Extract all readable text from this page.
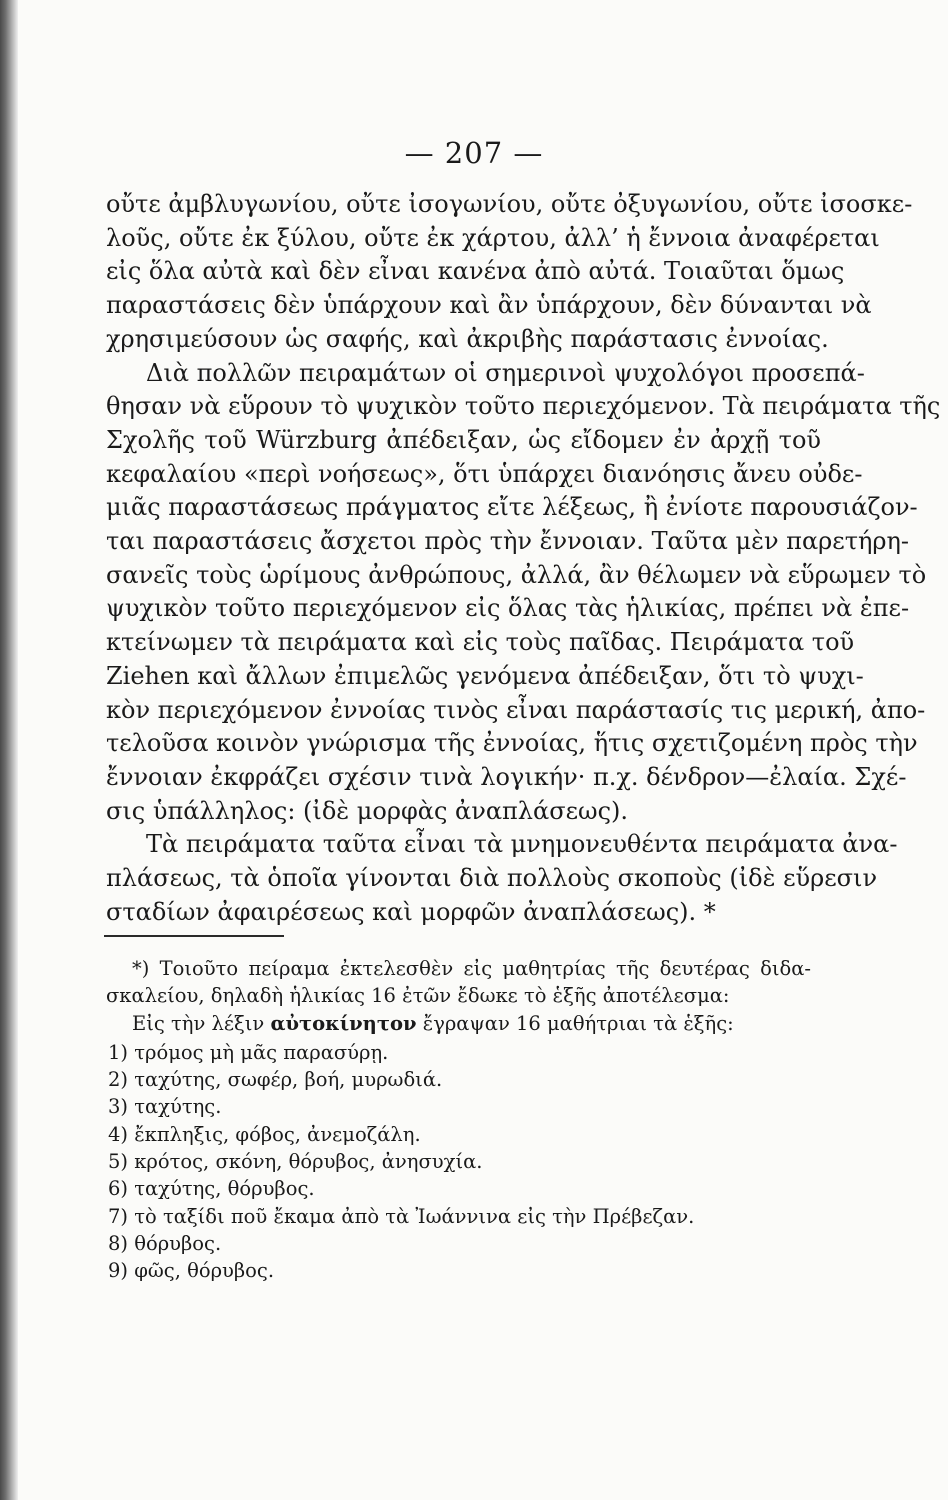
— 207 —
οὔτε ἀμβλυγωνίου, οὔτε ἰσογωνίου, οὔτε ὀξυγωνίου, οὔτε ἰσοσκε-
λοῦς, οὔτε ἐκ ξύλου, οὔτε ἐκ χάρτου, ἀλλ’ ἡ ἔννοια ἀναφέρεται
εἰς ὅλα αὐτὰ καὶ δὲν εἶναι κανένα ἀπὸ αὐτά. Τοιαῦται ὅμως
παραστάσεις δὲν ὑπάρχουν καὶ ἂν ὑπάρχουν, δὲν δύνανται νὰ
χρησιμεύσουν ὡς σαφής, καὶ ἀκριβὴς παράστασις ἐννοίας.
Διὰ πολλῶν πειραμάτων οἱ σημερινοὶ ψυχολόγοι προσεπά-
θησαν νὰ εὕρουν τὸ ψυχικὸν τοῦτο περιεχόμενον. Τὰ πειράματα τῆς
Σχολῆς τοῦ Würzburg ἀπέδειξαν, ὡς εἴδομεν ἐν ἀρχῇ τοῦ
κεφαλαίου «περὶ νοήσεως», ὅτι ὑπάρχει διανόησις ἄνευ οὐδε-
μιᾶς παραστάσεως πράγματος εἴτε λέξεως, ἢ ἐνίοτε παρουσιάζον-
ται παραστάσεις ἄσχετοι πρὸς τὴν ἔννοιαν. Ταῦτα μὲν παρετήρη-
σανεῖς τοὺς ὡρίμους ἀνθρώπους, ἀλλά, ἂν θέλωμεν νὰ εὕρωμεν τὸ
ψυχικὸν τοῦτο περιεχόμενον εἰς ὅλας τὰς ἡλικίας, πρέπει νὰ ἐπε-
κτείνωμεν τὰ πειράματα καὶ εἰς τοὺς παῖδας. Πειράματα τοῦ
Ziehen καὶ ἄλλων ἐπιμελῶς γενόμενα ἀπέδειξαν, ὅτι τὸ ψυχι-
κὸν περιεχόμενον ἐννοίας τινὸς εἶναι παράστασίς τις μερική, ἀπο-
τελοῦσα κοινὸν γνώρισμα τῆς ἐννοίας, ἥτις σχετιζομένη πρὸς τὴν
ἔννοιαν ἐκφράζει σχέσιν τινὰ λογικήν· π.χ. δένδρον—ἐλαία. Σχέ-
σις ὑπάλληλος: (ἰδὲ μορφὰς ἀναπλάσεως).
Τὰ πειράματα ταῦτα εἶναι τὰ μνημονευθέντα πειράματα ἀνα-
πλάσεως, τὰ ὁποῖα γίνονται διὰ πολλοὺς σκοποὺς (ἰδὲ εὕρεσιν
σταδίων ἀφαιρέσεως καὶ μορφῶν ἀναπλάσεως). *
*) Τοιοῦτο πείραμα ἐκτελεσθὲν εἰς μαθητρίας τῆς δευτέρας διδα-
σκαλείου, δηλαδὴ ἡλικίας 16 ἐτῶν ἔδωκε τὸ ἑξῆς ἀποτέλεσμα:
Εἰς τὴν λέξιν αὐτοκίνητον ἔγραψαν 16 μαθήτριαι τὰ ἑξῆς:
1) τρόμος μὴ μᾶς παρασύρῃ.
2) ταχύτης, σωφέρ, βοή, μυρωδιά.
3) ταχύτης.
4) ἔκπληξις, φόβος, ἀνεμοζάλη.
5) κρότος, σκόνη, θόρυβος, ἀνησυχία.
6) ταχύτης, θόρυβος.
7) τὸ ταξίδι ποῦ ἔκαμα ἀπὸ τὰ Ἰωάννινα εἰς τὴν Πρέβεζαν.
8) θόρυβος.
9) φῶς, θόρυβος.
